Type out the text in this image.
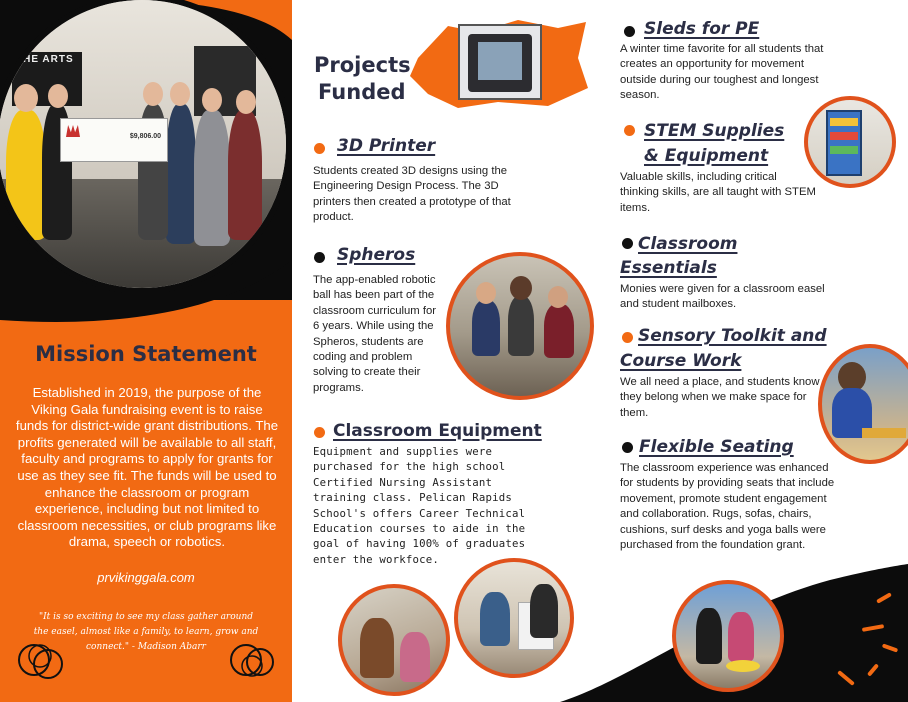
THE ARTS
$9,806.00
Mission Statement
Established in 2019, the purpose of the Viking Gala fundraising event is to raise funds for district-wide grant distributions. The profits generated will be available to all staff, faculty and programs to apply for grants for use as they see fit. The funds will be used to enhance the classroom or program experience, including but not limited to classroom necessities, or club programs like drama, speech or robotics.
prvikinggala.com
"It is so exciting to see my class gather around the easel, almost like a family, to learn, grow and connect." - Madison Abarr
Projects
Funded
3D Printer
Students created 3D designs using the Engineering Design Process. The 3D printers then created a prototype of that product.
Spheros
The app-enabled robotic ball has been part of the classroom curriculum for 6 years. While using the Spheros, students are coding and problem solving to create their programs.
Classroom Equipment
Equipment and supplies were purchased for the high school Certified Nursing Assistant training class. Pelican Rapids School's offers Career Technical Education courses to aide in the goal of having 100% of graduates enter the workfoce.
Sleds for PE
A winter time favorite for all students that creates an opportunity for movement outside during our toughest and longest season.
STEM Supplies
& Equipment
Valuable skills, including critical thinking skills, are all taught with STEM items.
Classroom
Essentials
Monies were given for a classroom easel and student mailboxes.
Sensory Toolkit and
Course Work
We all need a place, and students know they belong when we make space for them.
Flexible Seating
The classroom experience was enhanced for students by providing seats that include movement, promote student engagement and collaboration. Rugs, sofas, chairs, cushions, surf desks and yoga balls were purchased from the foundation grant.
